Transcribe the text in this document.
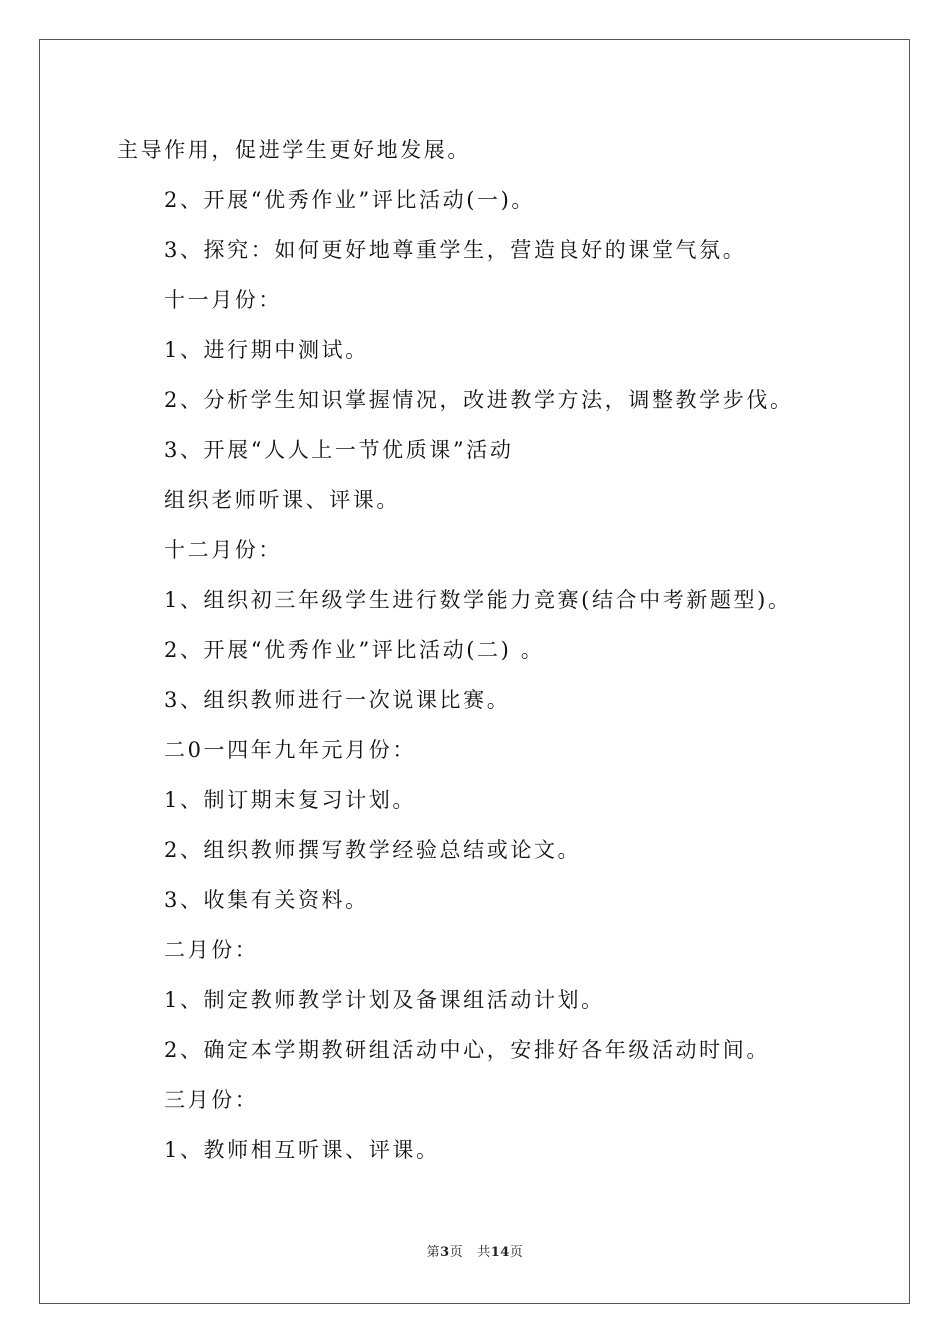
主导作用，促进学生更好地发展。
2、开展“优秀作业”评比活动(一)。
3、探究：如何更好地尊重学生，营造良好的课堂气氛。
十一月份：
1、进行期中测试。
2、分析学生知识掌握情况，改进教学方法，调整教学步伐。
3、开展“人人上一节优质课”活动
组织老师听课、评课。
十二月份：
1、组织初三年级学生进行数学能力竞赛(结合中考新题型)。
2、开展“优秀作业”评比活动(二) 。
3、组织教师进行一次说课比赛。
二0一四年九年元月份：
1、制订期末复习计划。
2、组织教师撰写教学经验总结或论文。
3、收集有关资料。
二月份：
1、制定教师教学计划及备课组活动计划。
2、确定本学期教研组活动中心，安排好各年级活动时间。
三月份：
1、教师相互听课、评课。
第3页 共14页
